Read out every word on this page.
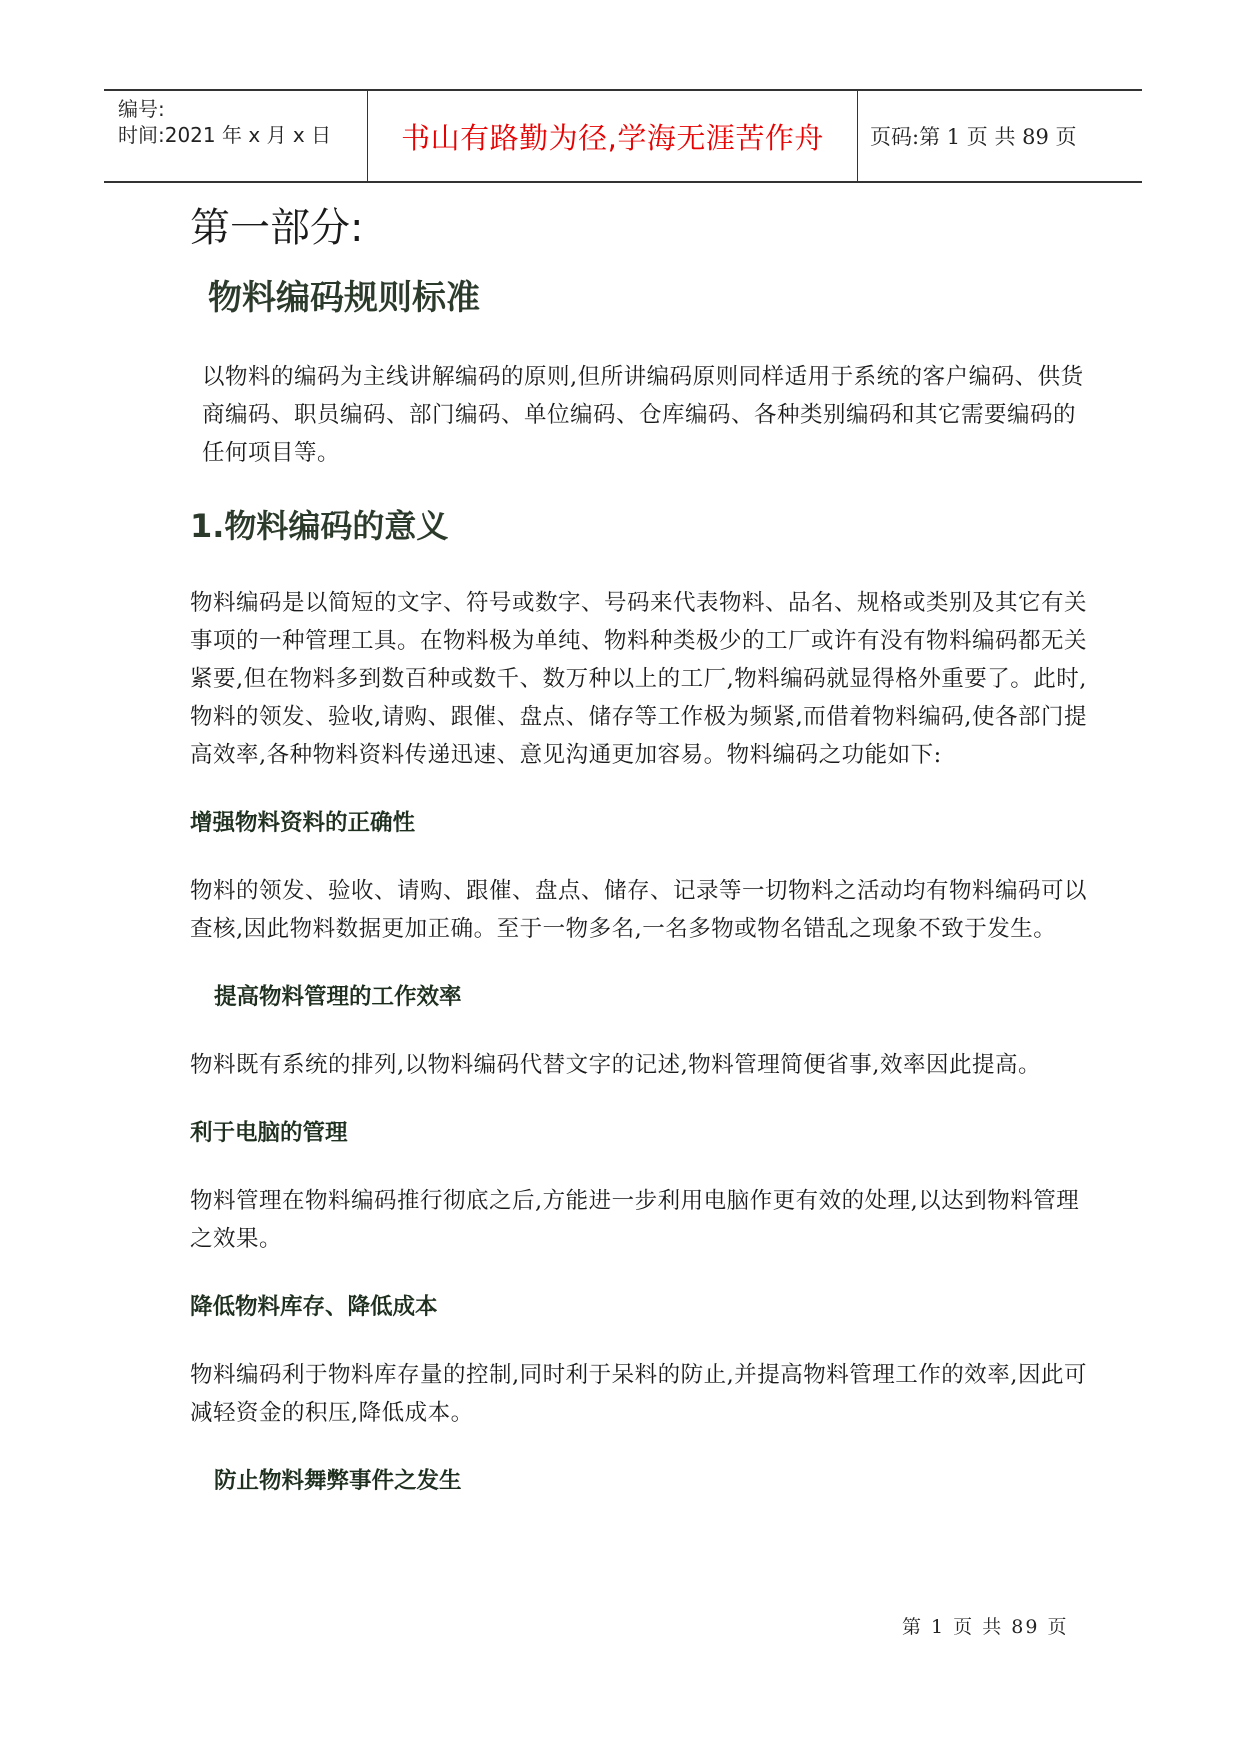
编号:
时间:2021 年 x 月 x 日 书山有路勤为径,学海无涯苦作舟 页码:第 1 页 共 89 页
第一部分:
物料编码规则标准

以物料的编码为主线讲解编码的原则,但所讲编码原则同样适用于系统的客户编码、供货商编码、职员编码、部门编码、单位编码、仓库编码、各种类别编码和其它需要编码的任何项目等。

1.物料编码的意义

物料编码是以简短的文字、符号或数字、号码来代表物料、品名、规格或类别及其它有关事项的一种管理工具。在物料极为单纯、物料种类极少的工厂或许有没有物料编码都无关紧要,但在物料多到数百种或数千、数万种以上的工厂,物料编码就显得格外重要了。此时,物料的领发、验收,请购、跟催、盘点、储存等工作极为频紧,而借着物料编码,使各部门提高效率,各种物料资料传递迅速、意见沟通更加容易。物料编码之功能如下:

增强物料资料的正确性

物料的领发、验收、请购、跟催、盘点、储存、记录等一切物料之活动均有物料编码可以查核,因此物料数据更加正确。至于一物多名,一名多物或物名错乱之现象不致于发生。

提高物料管理的工作效率

物料既有系统的排列,以物料编码代替文字的记述,物料管理简便省事,效率因此提高。

利于电脑的管理

物料管理在物料编码推行彻底之后,方能进一步利用电脑作更有效的处理,以达到物料管理之效果。

降低物料库存、降低成本

物料编码利于物料库存量的控制,同时利于呆料的防止,并提高物料管理工作的效率,因此可减轻资金的积压,降低成本。

防止物料舞弊事件之发生
第 1 页 共 89 页
